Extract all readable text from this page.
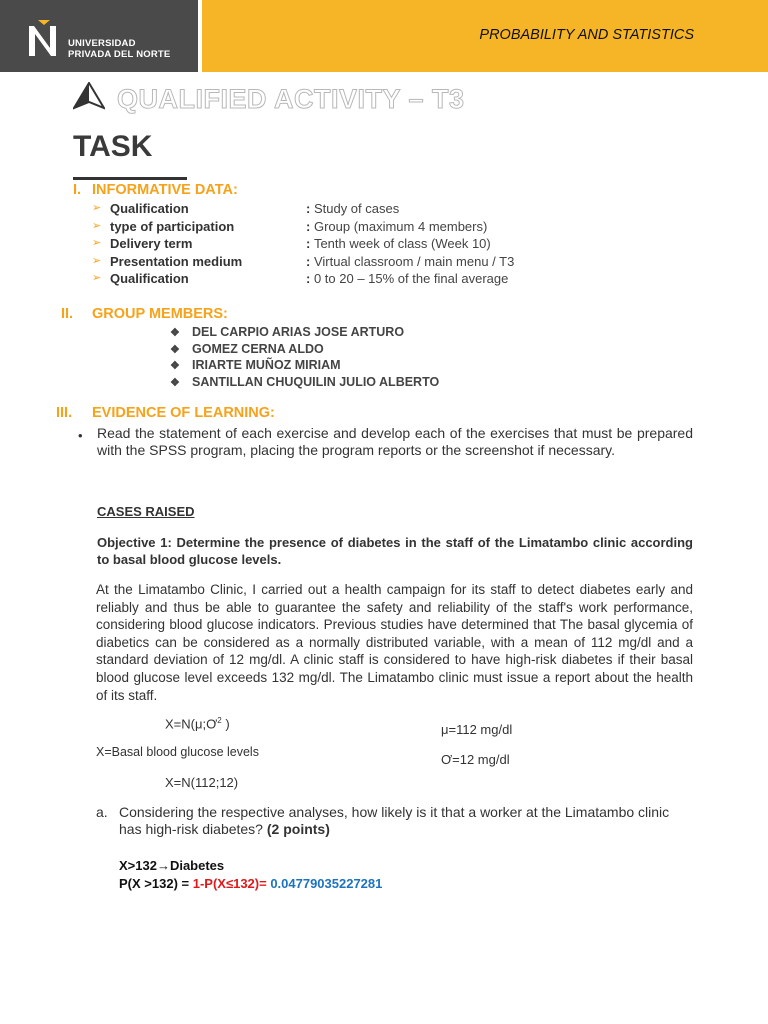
UNIVERSIDAD
PRIVADA DEL NORTE
PROBABILITY AND STATISTICS
QUALIFIED ACTIVITY – T3
TASK
I. INFORMATIVE DATA:
➢ Qualification	: Study of cases
➢ type of participation	: Group (maximum 4 members)
➢ Delivery term	: Tenth week of class (Week 10)
➢ Presentation medium	: Virtual classroom / main menu / T3
➢ Qualification	: 0 to 20 – 15% of the final average
II. GROUP MEMBERS:
❖ DEL CARPIO ARIAS JOSE ARTURO
❖ GOMEZ CERNA ALDO
❖ IRIARTE MUÑOZ MIRIAM
❖ SANTILLAN CHUQUILIN JULIO ALBERTO
III. EVIDENCE OF LEARNING:
• Read the statement of each exercise and develop each of the exercises that must be prepared with the SPSS program, placing the program reports or the screenshot if necessary.
CASES RAISED
Objective 1: Determine the presence of diabetes in the staff of the Limatambo clinic according to basal blood glucose levels.
At the Limatambo Clinic, I carried out a health campaign for its staff to detect diabetes early and reliably and thus be able to guarantee the safety and reliability of the staff's work performance, considering blood glucose indicators. Previous studies have determined that The basal glycemia of diabetics can be considered as a normally distributed variable, with a mean of 112 mg/dl and a standard deviation of 12 mg/dl. A clinic staff is considered to have high-risk diabetes if their basal blood glucose level exceeds 132 mg/dl. The Limatambo clinic must issue a report about the health of its staff.
$X=N(\mu;Ơ^2$ )	μ=112 mg/dl
X=Basal blood glucose levels	Ơ=12 mg/dl
X=N(112;12)
a. Considering the respective analyses, how likely is it that a worker at the Limatambo clinic has high-risk diabetes? (2 points)
X>132→Diabetes
P(X >132) = 1-P(X≤132)= 0.04779035227281
